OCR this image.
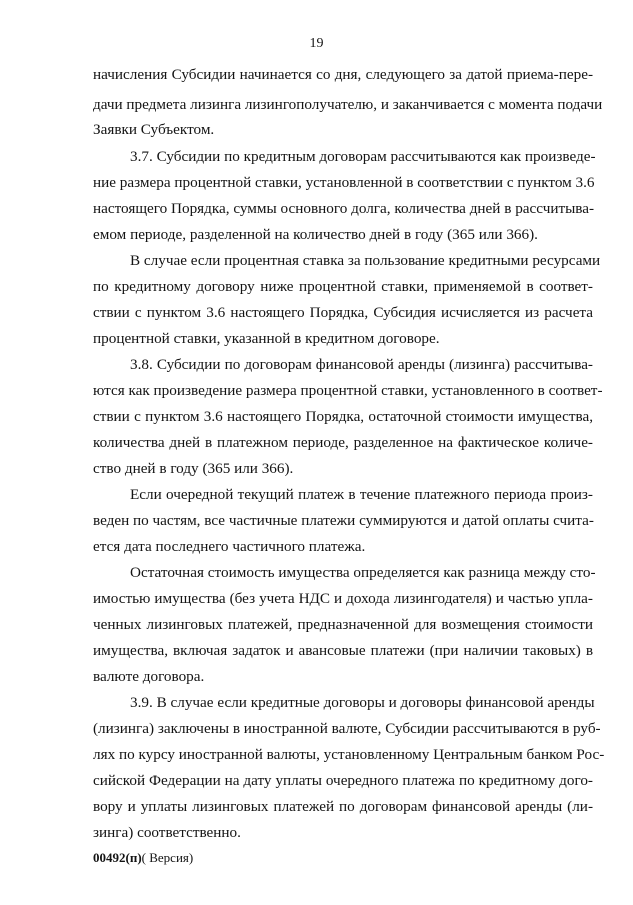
19
начисления Субсидии начинается со дня, следующего за датой приема-пере-
дачи предмета лизинга лизингополучателю, и заканчивается с момента подачи
Заявки Субъектом.
3.7. Субсидии по кредитным договорам рассчитываются как произведе-
ние размера процентной ставки, установленной в соответствии с пунктом 3.6
настоящего Порядка, суммы основного долга, количества дней в рассчитыва-
емом периоде, разделенной на количество дней в году (365 или 366).
В случае если процентная ставка за пользование кредитными ресурсами
по кредитному договору ниже процентной ставки, применяемой в соответ-
ствии с пунктом 3.6 настоящего Порядка, Субсидия исчисляется из расчета
процентной ставки, указанной в кредитном договоре.
3.8. Субсидии по договорам финансовой аренды (лизинга) рассчитыва-
ются как произведение размера процентной ставки, установленного в соответ-
ствии с пунктом 3.6 настоящего Порядка, остаточной стоимости имущества,
количества дней в платежном периоде, разделенное на фактическое количе-
ство дней в году (365 или 366).
Если очередной текущий платеж в течение платежного периода произ-
веден по частям, все частичные платежи суммируются и датой оплаты счита-
ется дата последнего частичного платежа.
Остаточная стоимость имущества определяется как разница между сто-
имостью имущества (без учета НДС и дохода лизингодателя) и частью упла-
ченных лизинговых платежей, предназначенной для возмещения стоимости
имущества, включая задаток и авансовые платежи (при наличии таковых) в
валюте договора.
3.9. В случае если кредитные договоры и договоры финансовой аренды
(лизинга) заключены в иностранной валюте, Субсидии рассчитываются в руб-
лях по курсу иностранной валюты, установленному Центральным банком Рос-
сийской Федерации на дату уплаты очередного платежа по кредитному дого-
вору и уплаты лизинговых платежей по договорам финансовой аренды (ли-
зинга) соответственно.
00492(п)( Версия)
